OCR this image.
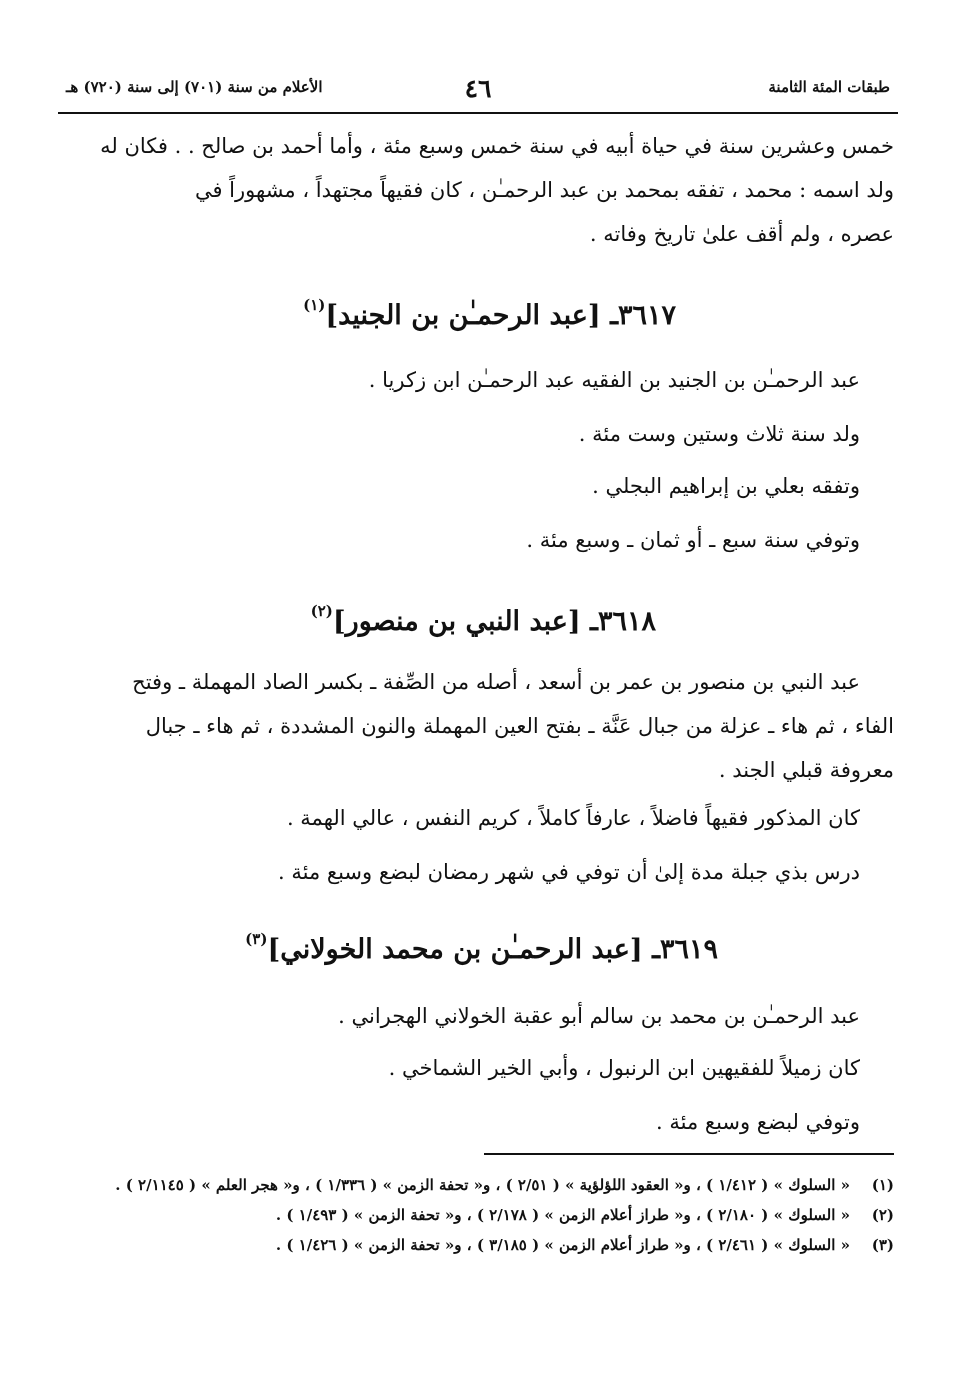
طبقات المئة الثامنة
٤٦
الأعلام من سنة (٧٠١) إلى سنة (٧٢٠) هـ
خمس وعشرين سنة في حياة أبيه في سنة خمس وسبع مئة ، وأما أحمد بن صالح . . فكان له
ولد اسمه : محمد ، تفقه بمحمد بن عبد الرحمـٰن ، كان فقيهاً مجتهداً ، مشهوراً في
عصره ، ولم أقف علىٰ تاريخ وفاته .
٣٦١٧ـ [عبد الرحمـٰن بن الجنيد]$^{(١)}$
عبد الرحمـٰن بن الجنيد بن الفقيه عبد الرحمـٰن ابن زكريا .
ولد سنة ثلاث وستين وست مئة .
وتفقه بعلي بن إبراهيم البجلي .
وتوفي سنة سبع ـ أو ثمان ـ وسبع مئة .
٣٦١٨ـ [عبد النبي بن منصور]$^{(٢)}$
عبد النبي بن منصور بن عمر بن أسعد ، أصله من الصِّفة ـ بكسر الصاد المهملة ـ وفتح
الفاء ، ثم هاء ـ عزلة من جبال عَنَّة ـ بفتح العين المهملة والنون المشددة ، ثم هاء ـ جبال
معروفة قبلي الجند .
كان المذكور فقيهاً فاضلاً ، عارفاً كاملاً ، كريم النفس ، عالي الهمة .
درس بذي جبلة مدة إلىٰ أن توفي في شهر رمضان لبضع وسبع مئة .
٣٦١٩ـ [عبد الرحمـٰن بن محمد الخولاني]$^{(٣)}$
عبد الرحمـٰن بن محمد بن سالم أبو عقبة الخولاني الهجراني .
كان زميلاً للفقيهين ابن الرنبول ، وأبي الخير الشماخي .
وتوفي لبضع وسبع مئة .
(١)
« السلوك » ( ١/٤١٢ ) ، و« العقود اللؤلؤية » ( ٢/٥١ ) ، و« تحفة الزمن » ( ١/٣٣٦ ) ، و« هجر العلم » ( ٢/١١٤٥ ) .
(٢)
« السلوك » ( ٢/١٨٠ ) ، و« طراز أعلام الزمن » ( ٢/١٧٨ ) ، و« تحفة الزمن » ( ١/٤٩٣ ) .
(٣)
« السلوك » ( ٢/٤٦١ ) ، و« طراز أعلام الزمن » ( ٣/١٨٥ ) ، و« تحفة الزمن » ( ١/٤٢٦ ) .
